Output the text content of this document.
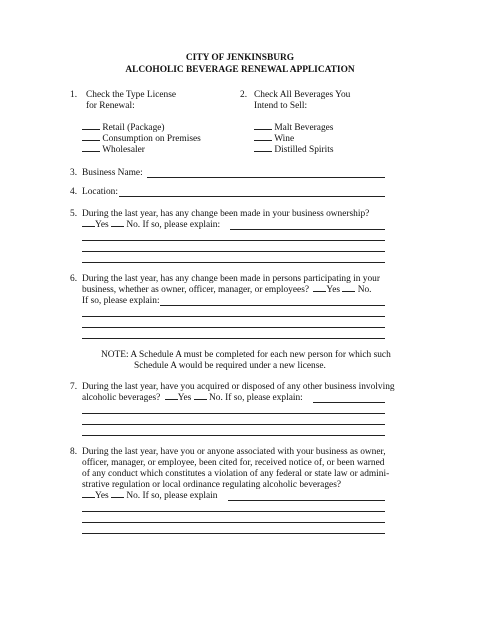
CITY OF JENKINSBURG
ALCOHOLIC BEVERAGE RENEWAL APPLICATION
1. Check the Type License
for Renewal:
Retail (Package)
Consumption on Premises
Wholesaler
2. Check All Beverages You
Intend to Sell:
Malt Beverages
Wine
Distilled Spirits
3. Business Name:
4. Location:
5. During the last year, has any change been made in your business ownership?
Yes No. If so, please explain:
6. During the last year, has any change been made in persons participating in your
business, whether as owner, officer, manager, or employees? Yes No.
If so, please explain:
NOTE: A Schedule A must be completed for each new person for which such
Schedule A would be required under a new license.
7. During the last year, have you acquired or disposed of any other business involving
alcoholic beverages? Yes No. If so, please explain:
8. During the last year, have you or anyone associated with your business as owner,
officer, manager, or employee, been cited for, received notice of, or been warned
of any conduct which constitutes a violation of any federal or state law or admini-
strative regulation or local ordinance regulating alcoholic beverages?
Yes No. If so, please explain
